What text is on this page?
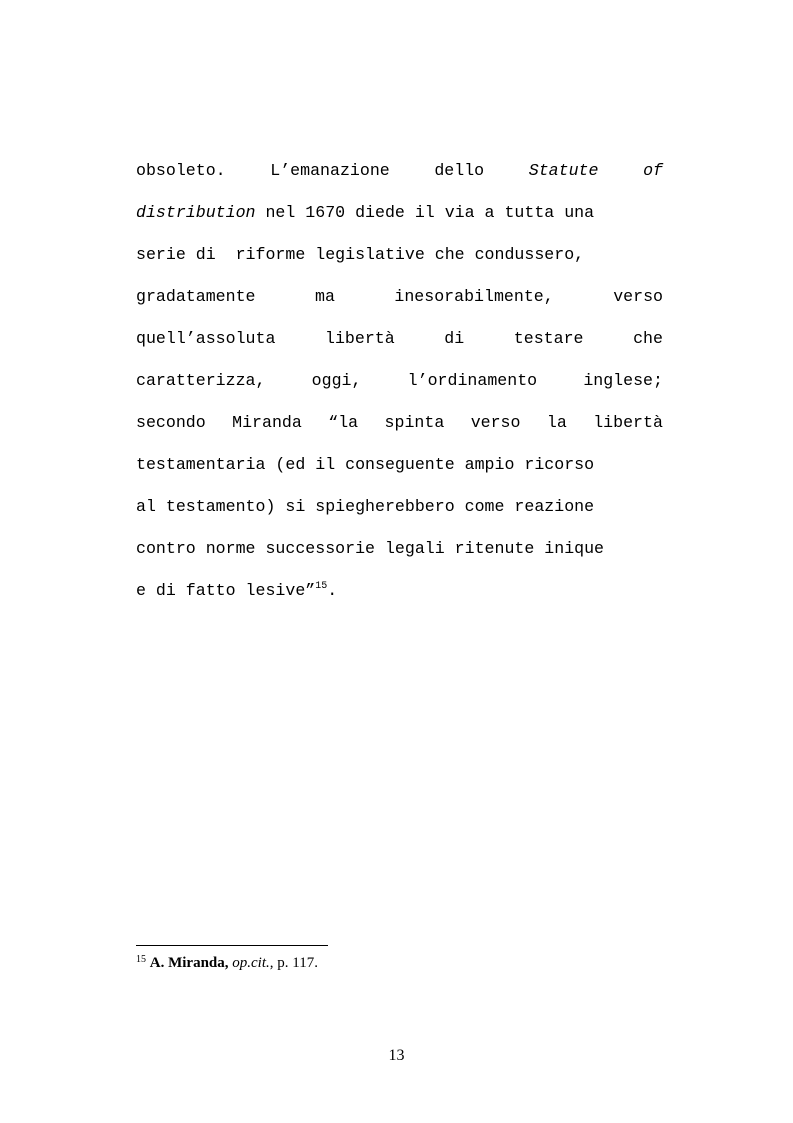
obsoleto.	L’emanazione	dello	Statute	of
distribution nel 1670 diede il via a tutta una
serie di  riforme legislative che condussero,
gradatamente	ma	inesorabilmente,	verso
quell’assoluta	libertà	di	testare	che
caratterizza,	oggi,	l’ordinamento	inglese;
secondo Miranda “la spinta verso la libertà
testamentaria (ed il conseguente ampio ricorso
al testamento) si spiegherebbero come reazione
contro norme successorie legali ritenute inique
e di fatto lesive”$^{15}$.
$^{15}$ A. Miranda, op.cit., p. 117.
13
